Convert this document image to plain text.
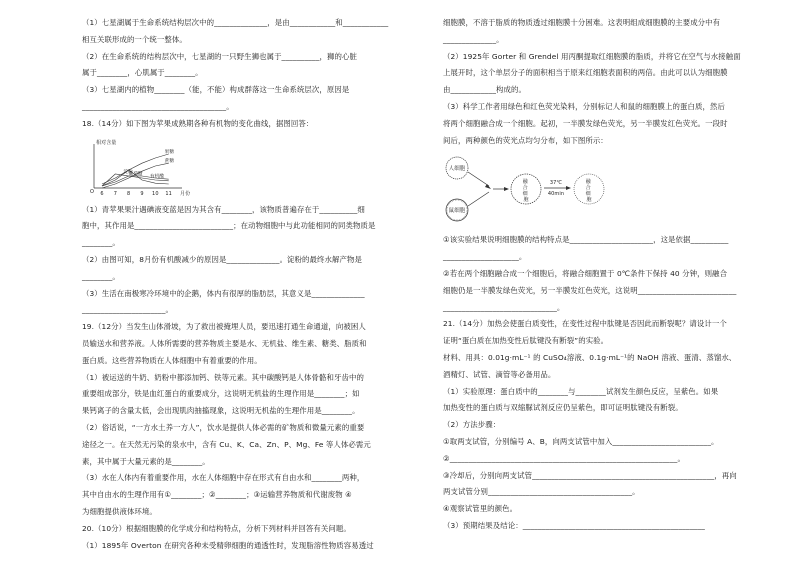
（1）七星湖属于生命系统结构层次中的______________，是由____________和____________
相互关联形成的一个统一整体。
（2）在生命系统的结构层次中，七星湖的一只野生狮也属于__________，狮的心脏
属于________，心肌属于________。
（3）七星湖内的植物________（能，不能）构成群落这一生命系统层次，原因是
______________________________________。
18.（14分）如下图为苹果成熟期各种有机物的变化曲线，据图回答：
相对含量
O 6 7 8 9 10 11 月份
果糖
蔗糖
葡萄糖
淀粉
有机酸
（1）青苹果果汁遇碘液变蓝是因为其含有________，该物质普遍存在于__________细
胞中，其作用是__________________________；在动物细胞中与此功能相同的同类物质是
________。
（2）由图可知，8月份有机酸减少的原因是______________。淀粉的最终水解产物是
________。
（3）生活在南极寒冷环境中的企鹅，体内有很厚的脂肪层，其意义是______________
______________________。
19.（12分）当发生山体滑坡，为了救出被掩埋人员，要迅速打通生命通道，向被困人
员输送水和营养液。人体所需要的营养物质主要是水、无机盐、维生素、糖类、脂质和
蛋白质。这些营养物质在人体细胞中有着重要的作用。
（1）被运送的牛奶、奶粉中都添加钙、铁等元素。其中碳酸钙是人体骨骼和牙齿中的
重要组成部分，铁是血红蛋白的重要成分，这说明无机盐的生理作用是________；如
果钙离子的含量太低，会出现肌肉抽搐现象，这说明无机盐的生理作用是________。
（2）俗话说，“一方水土养一方人”，饮水是提供人体必需的矿物质和微量元素的重要
途径之一。在天然无污染的泉水中，含有 Cu、K、Ca、Zn、P、Mg、Fe 等人体必需元
素，其中属于大量元素的是________。
（3）水在人体内有着重要作用，水在人体细胞中存在形式有自由水和________两种，
其中自由水的生理作用有①________；②________；③运输营养物质和代谢废物 ④
为细胞提供液体环境。
20.（10分）根据细胞膜的化学成分和结构特点，分析下列材料并回答有关问题。
（1）1895年 Overton 在研究各种未受精卵细胞的通透性时，发现脂溶性物质容易透过
细胞膜，不溶于脂质的物质透过细胞膜十分困难。这表明组成细胞膜的主要成分中有
______________。
（2）1925年 Gorter 和 Grendel 用丙酮提取红细胞膜的脂质，并将它在空气与水接触面
上展开时，这个单层分子的面积相当于原来红细胞表面积的两倍。由此可以认为细胞膜
由____________构成的。
（3）科学工作者用绿色和红色荧光染料，分别标记人和鼠的细胞膜上的蛋白质，然后
将两个细胞融合成一个细胞。起初，一半膜发绿色荧光，另一半膜发红色荧光。一段时
间后，两种颜色的荧光点均匀分布，如下图所示：
人细胞
鼠细胞
融 合 细 胞
37℃
40min
融 合 细 胞
①该实验结果说明细胞膜的结构特点是______________________，这是依据__________
____________________。
②若在两个细胞融合成一个细胞后，将融合细胞置于 0℃条件下保持 40 分钟，则融合
细胞仍是一半膜发绿色荧光，另一半膜发红色荧光，这说明__________________________
______________________________。
21.（14分）加热会使蛋白质变性，在变性过程中肽键是否因此而断裂呢？请设计一个
证明“蛋白质在加热变性后肽键没有断裂”的实验。
材料、用具：0.01g·mL⁻¹ 的 CuSO₄溶液、0.1g·mL⁻¹的 NaOH 溶液、蛋清、蒸馏水、
酒精灯、试管、滴管等必备用品。
（1）实验原理：蛋白质中的________与________试剂发生颜色反应，呈紫色。如果
加热变性的蛋白质与双缩脲试剂反应仍呈紫色，即可证明肽键没有断裂。
（2）方法步骤：
①取两支试管，分别编号 A、B，向两支试管中加入__________________________。
②____________________________________________________________。
③冷却后，分别向两支试管________________________________________________，再向
两支试管分别______________________________________。
④观察试管里的颜色。
（3）预期结果及结论：________________________________________________
